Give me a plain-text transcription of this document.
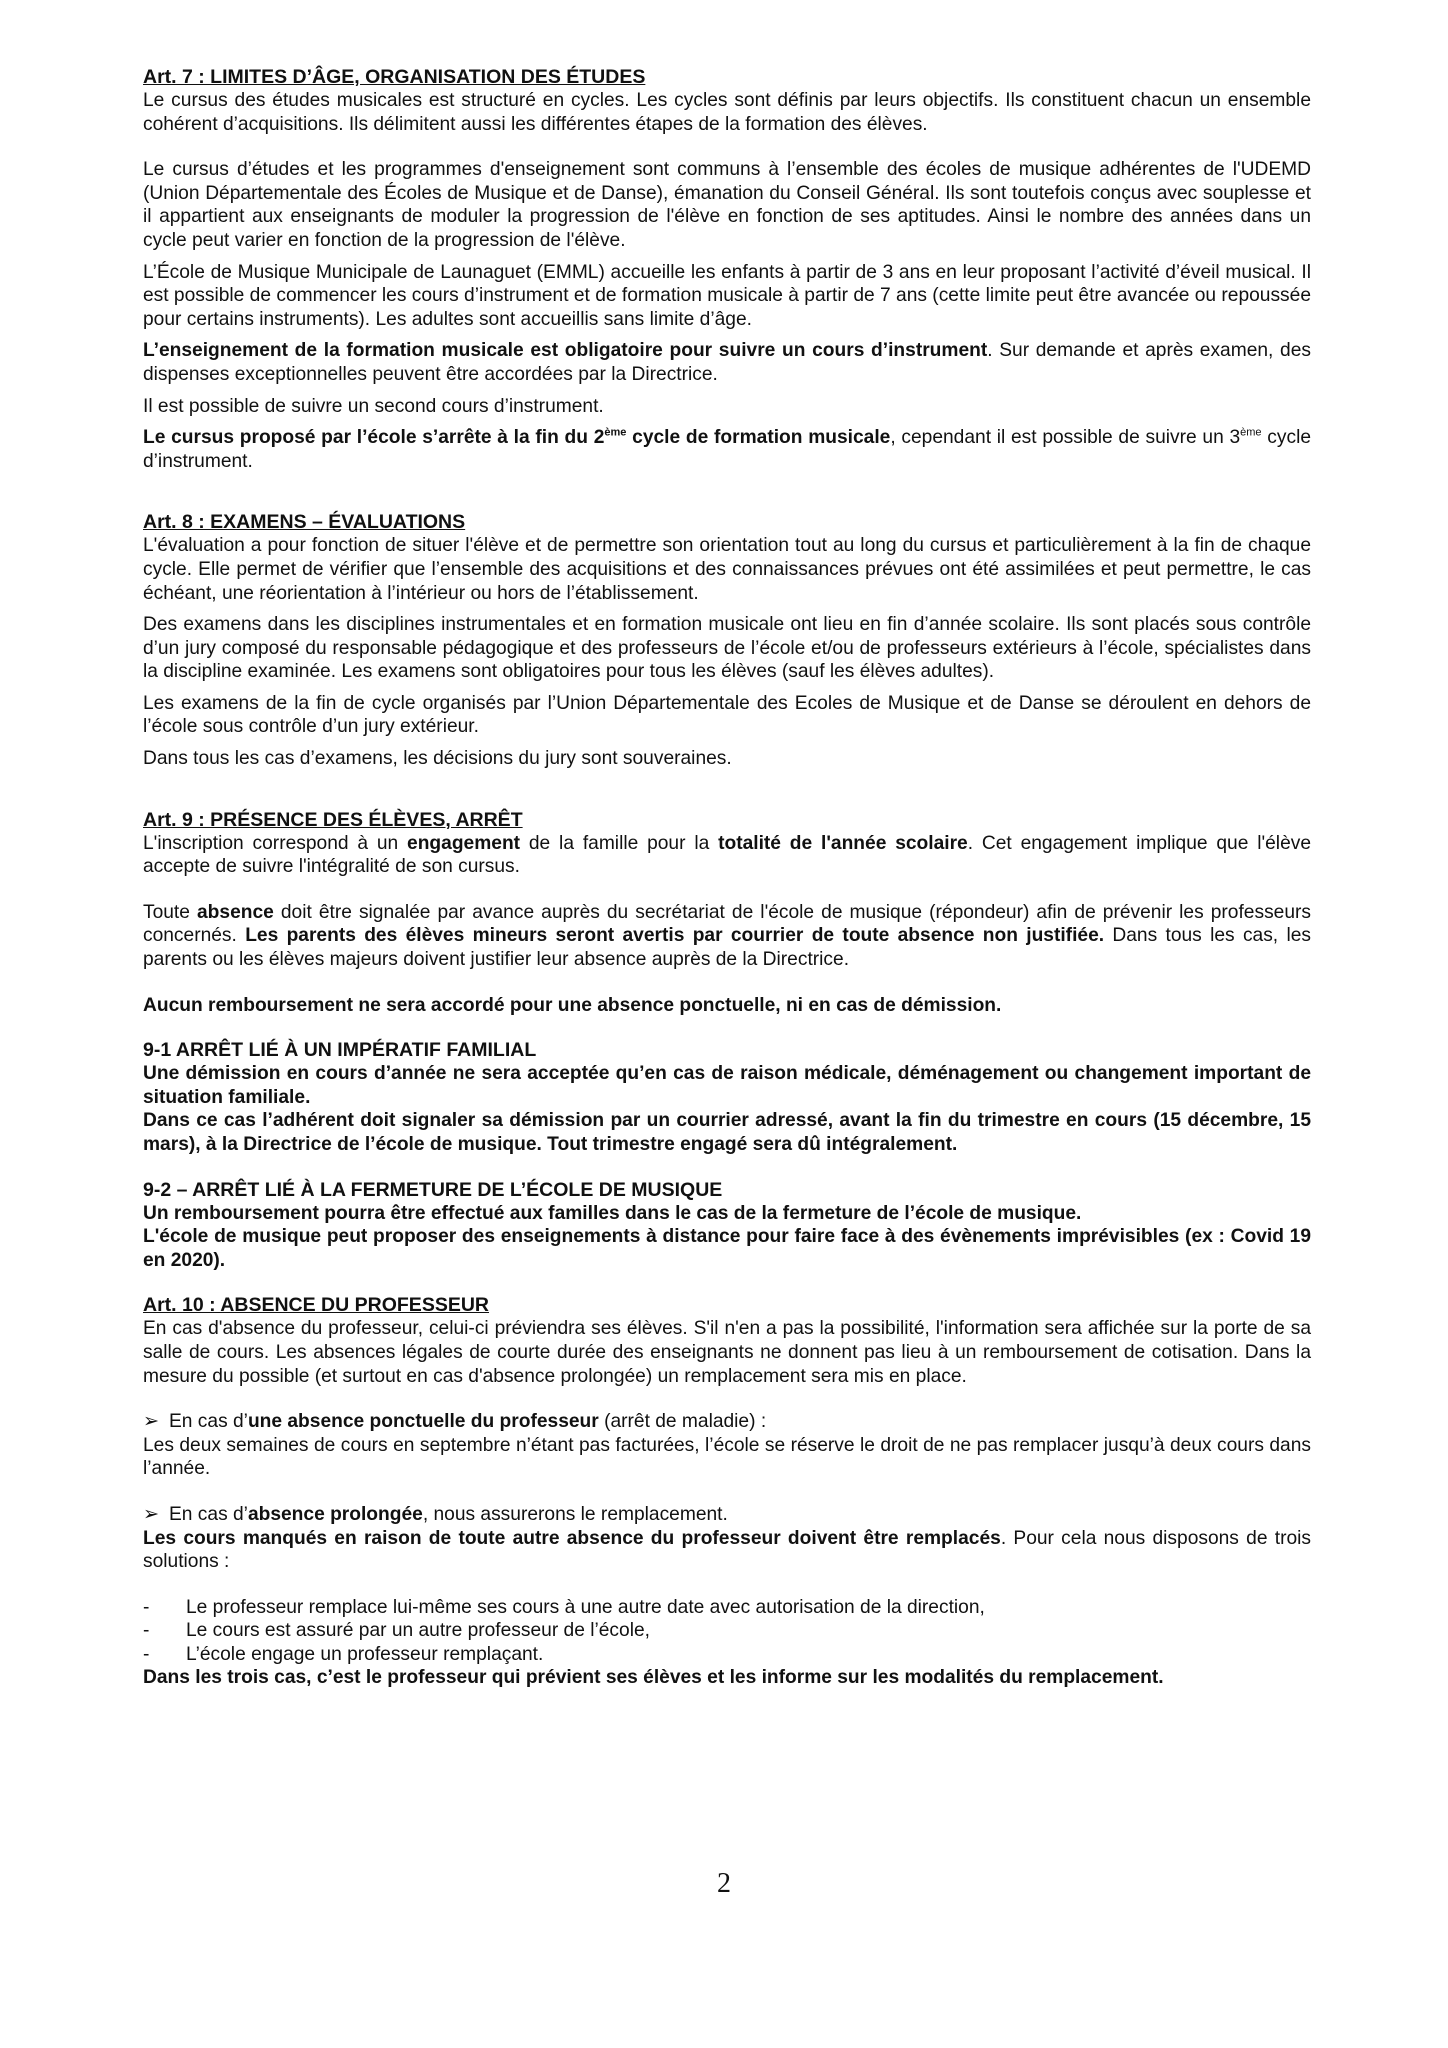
Art. 7 : LIMITES D’ÂGE, ORGANISATION DES ÉTUDES

Le cursus des études musicales est structuré en cycles. Les cycles sont définis par leurs objectifs. Ils constituent chacun un ensemble cohérent d’acquisitions. Ils délimitent aussi les différentes étapes de la formation des élèves.

Le cursus d’études et les programmes d'enseignement sont communs à l’ensemble des écoles de musique adhérentes de l'UDEMD (Union Départementale des Écoles de Musique et de Danse), émanation du Conseil Général. Ils sont toutefois conçus avec souplesse et il appartient aux enseignants de moduler la progression de l'élève en fonction de ses aptitudes. Ainsi le nombre des années dans un cycle peut varier en fonction de la progression de l'élève.

L’École de Musique Municipale de Launaguet (EMML) accueille les enfants à partir de 3 ans en leur proposant l’activité d’éveil musical. Il est possible de commencer les cours d’instrument et de formation musicale à partir de 7 ans (cette limite peut être avancée ou repoussée pour certains instruments). Les adultes sont accueillis sans limite d’âge.

L’enseignement de la formation musicale est obligatoire pour suivre un cours d’instrument. Sur demande et après examen, des dispenses exceptionnelles peuvent être accordées par la Directrice.

Il est possible de suivre un second cours d’instrument.

Le cursus proposé par l’école s’arrête à la fin du 2ème cycle de formation musicale, cependant il est possible de suivre un 3ème cycle d’instrument.

Art. 8 : EXAMENS – ÉVALUATIONS

L'évaluation a pour fonction de situer l'élève et de permettre son orientation tout au long du cursus et particulièrement à la fin de chaque cycle. Elle permet de vérifier que l’ensemble des acquisitions et des connaissances prévues ont été assimilées et peut permettre, le cas échéant, une réorientation à l’intérieur ou hors de l’établissement.

Des examens dans les disciplines instrumentales et en formation musicale ont lieu en fin d’année scolaire. Ils sont placés sous contrôle d’un jury composé du responsable pédagogique et des professeurs de l’école et/ou de professeurs extérieurs à l’école, spécialistes dans la discipline examinée. Les examens sont obligatoires pour tous les élèves (sauf les élèves adultes).

Les examens de la fin de cycle organisés par l’Union Départementale des Ecoles de Musique et de Danse se déroulent en dehors de l’école sous contrôle d’un jury extérieur.

Dans tous les cas d’examens, les décisions du jury sont souveraines.

Art. 9 : PRÉSENCE DES ÉLÈVES, ARRÊT

L'inscription correspond à un engagement de la famille pour la totalité de l'année scolaire. Cet engagement implique que l'élève accepte de suivre l'intégralité de son cursus.

Toute absence doit être signalée par avance auprès du secrétariat de l'école de musique (répondeur) afin de prévenir les professeurs concernés. Les parents des élèves mineurs seront avertis par courrier de toute absence non justifiée. Dans tous les cas, les parents ou les élèves majeurs doivent justifier leur absence auprès de la Directrice.

Aucun remboursement ne sera accordé pour une absence ponctuelle, ni en cas de démission.

9-1 ARRÊT LIÉ À UN IMPÉRATIF FAMILIAL

Une démission en cours d’année ne sera acceptée qu’en cas de raison médicale, déménagement ou changement important de situation familiale.

Dans ce cas l’adhérent doit signaler sa démission par un courrier adressé, avant la fin du trimestre en cours (15 décembre, 15 mars), à la Directrice de l’école de musique. Tout trimestre engagé sera dû intégralement.

9-2 – ARRÊT LIÉ À LA FERMETURE DE L’ÉCOLE DE MUSIQUE

Un remboursement pourra être effectué aux familles dans le cas de la fermeture de l’école de musique.

L'école de musique peut proposer des enseignements à distance pour faire face à des évènements imprévisibles (ex : Covid 19 en 2020).

Art. 10 : ABSENCE DU PROFESSEUR

En cas d'absence du professeur, celui-ci préviendra ses élèves. S'il n'en a pas la possibilité, l'information sera affichée sur la porte de sa salle de cours. Les absences légales de courte durée des enseignants ne donnent pas lieu à un remboursement de cotisation. Dans la mesure du possible (et surtout en cas d'absence prolongée) un remplacement sera mis en place.

➢ En cas d’une absence ponctuelle du professeur (arrêt de maladie) :

Les deux semaines de cours en septembre n’étant pas facturées, l’école se réserve le droit de ne pas remplacer jusqu’à deux cours dans l’année.

➢ En cas d’absence prolongée, nous assurerons le remplacement.

Les cours manqués en raison de toute autre absence du professeur doivent être remplacés. Pour cela nous disposons de trois solutions :

- Le professeur remplace lui-même ses cours à une autre date avec autorisation de la direction,
- Le cours est assuré par un autre professeur de l’école,
- L’école engage un professeur remplaçant.

Dans les trois cas, c’est le professeur qui prévient ses élèves et les informe sur les modalités du remplacement.

2
